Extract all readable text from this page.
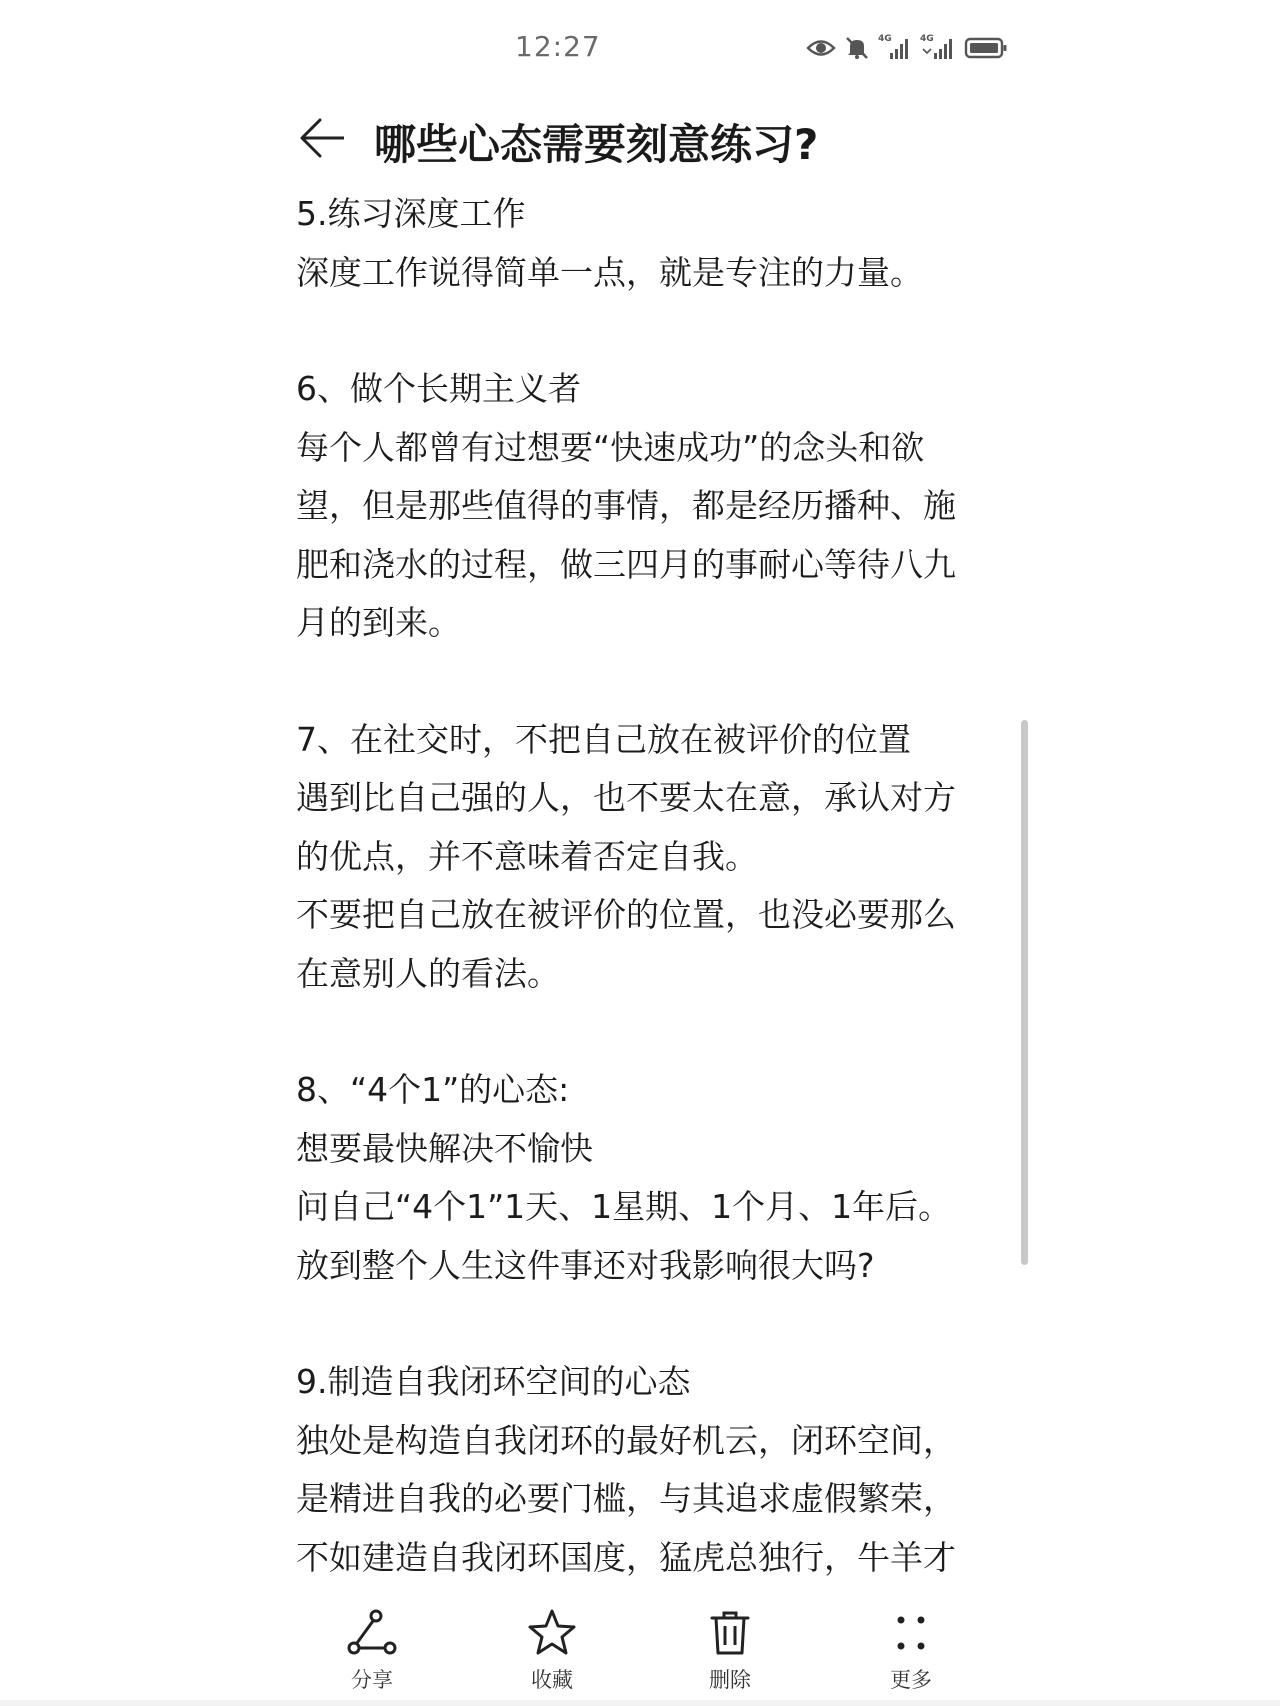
12:27	4G	4G
哪些心态需要刻意练习?
5.练习深度工作
深度工作说得简单一点，就是专注的力量。
6、做个长期主义者
每个人都曾有过想要“快速成功”的念头和欲
望，但是那些值得的事情，都是经历播种、施
肥和浇水的过程，做三四月的事耐心等待八九
月的到来。
7、在社交时，不把自己放在被评价的位置
遇到比自己强的人，也不要太在意，承认对方
的优点，并不意味着否定自我。
不要把自己放在被评价的位置，也没必要那么
在意别人的看法。
8、“4个1”的心态:
想要最快解决不愉快
问自己“4个1”1天、1星期、1个月、1年后。
放到整个人生这件事还对我影响很大吗?
9.制造自我闭环空间的心态
独处是构造自我闭环的最好机云，闭环空间，
是精进自我的必要门槛，与其追求虚假繁荣，
不如建造自我闭环国度，猛虎总独行，牛羊才
分享	收藏	删除	更多
